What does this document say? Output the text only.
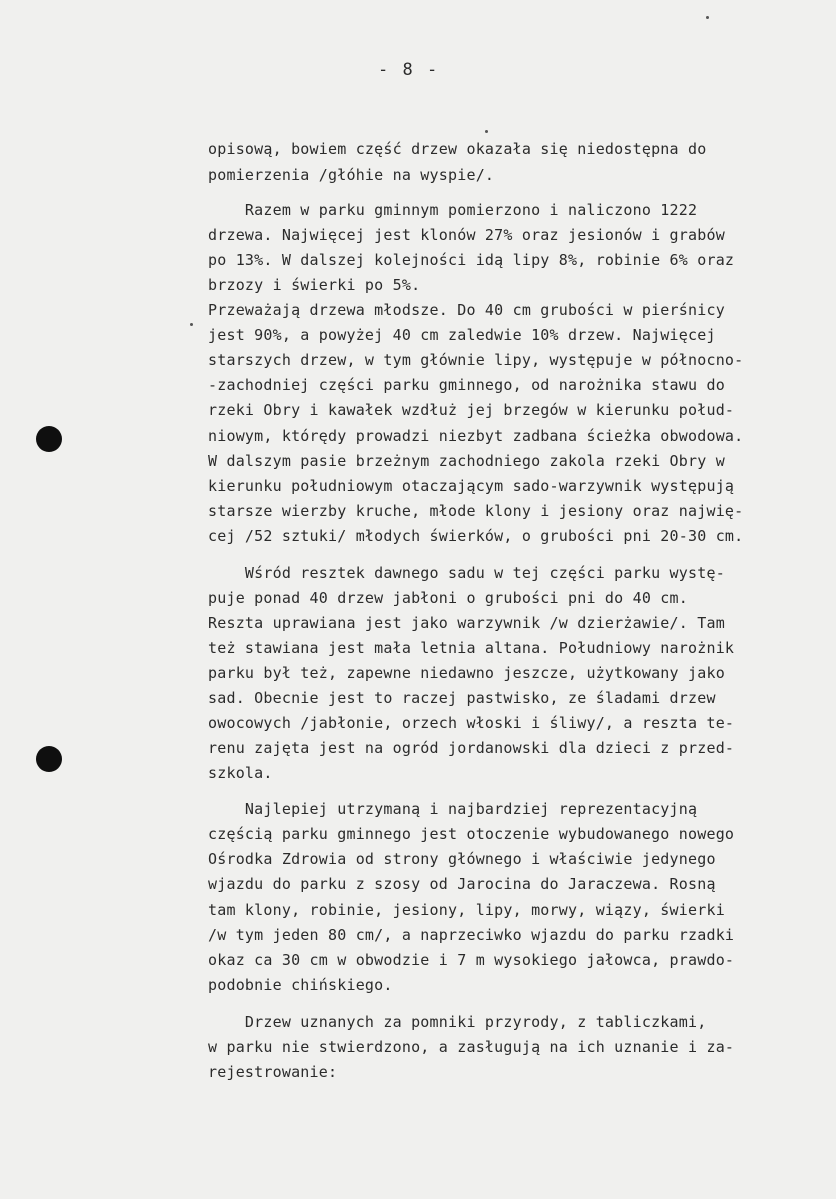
- 8 -
opisową, bowiem część drzew okazała się niedostępna do
pomierzenia /głóhie na wyspie/.
Razem w parku gminnym pomierzono i naliczono 1222
drzewa. Najwięcej jest klonów 27% oraz jesionów i grabów
po 13%. W dalszej kolejności idą lipy 8%, robinie 6% oraz
brzozy i świerki po 5%.
Przeważają drzewa młodsze. Do 40 cm grubości w pierśnicy
jest 90%, a powyżej 40 cm zaledwie 10% drzew. Najwięcej
starszych drzew, w tym głównie lipy, występuje w północno-
-zachodniej części parku gminnego, od narożnika stawu do
rzeki Obry i kawałek wzdłuż jej brzegów w kierunku połud-
niowym, którędy prowadzi niezbyt zadbana ścieżka obwodowa.
W dalszym pasie brzeżnym zachodniego zakola rzeki Obry w
kierunku południowym otaczającym sado-warzywnik występują
starsze wierzby kruche, młode klony i jesiony oraz najwię-
cej /52 sztuki/ młodych świerków, o grubości pni 20-30 cm.
Wśród resztek dawnego sadu w tej części parku wystę-
puje ponad 40 drzew jabłoni o grubości pni do 40 cm.
Reszta uprawiana jest jako warzywnik /w dzierżawie/. Tam
też stawiana jest mała letnia altana. Południowy narożnik
parku był też, zapewne niedawno jeszcze, użytkowany jako
sad. Obecnie jest to raczej pastwisko, ze śladami drzew
owocowych /jabłonie, orzech włoski i śliwy/, a reszta te-
renu zajęta jest na ogród jordanowski dla dzieci z przed-
szkola.
Najlepiej utrzymaną i najbardziej reprezentacyjną
częścią parku gminnego jest otoczenie wybudowanego nowego
Ośrodka Zdrowia od strony głównego i właściwie jedynego
wjazdu do parku z szosy od Jarocina do Jaraczewa. Rosną
tam klony, robinie, jesiony, lipy, morwy, wiązy, świerki
/w tym jeden 80 cm/, a naprzeciwko wjazdu do parku rzadki
okaz ca 30 cm w obwodzie i 7 m wysokiego jałowca, prawdo-
podobnie chińskiego.
Drzew uznanych za pomniki przyrody, z tabliczkami,
w parku nie stwierdzono, a zasługują na ich uznanie i za-
rejestrowanie:
